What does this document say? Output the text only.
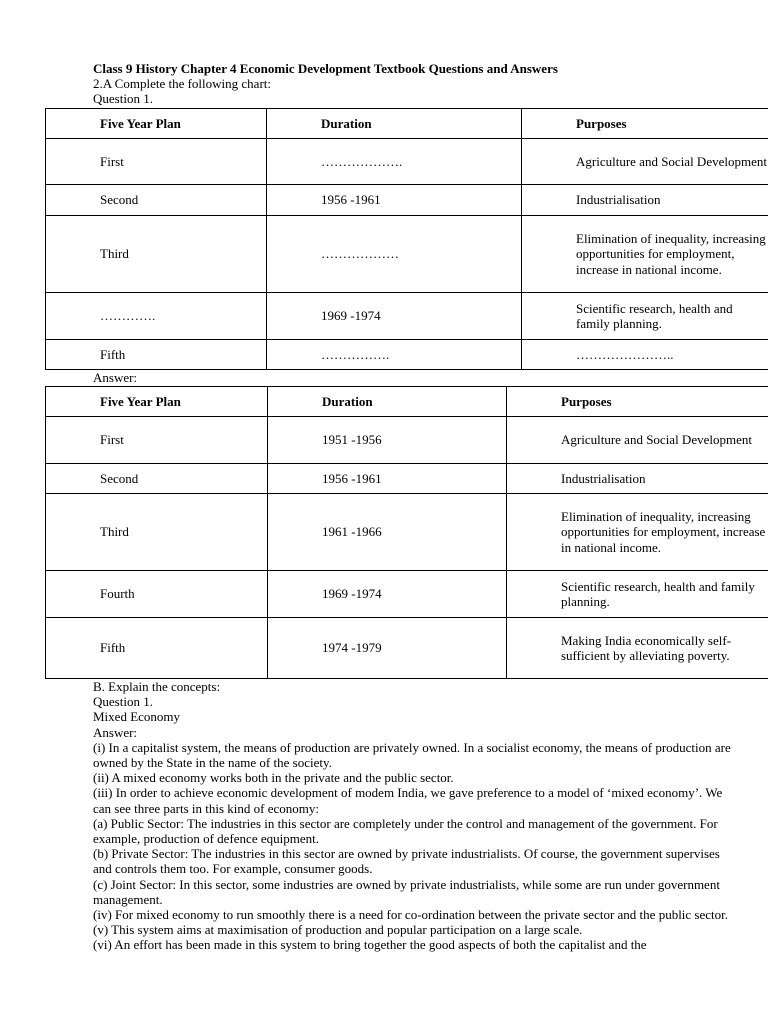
Class 9 History Chapter 4 Economic Development Textbook Questions and Answers
2.A Complete the following chart:
Question 1.
Five Year Plan	Duration	Purposes
First	……………….	Agriculture and Social Development
Second	1956 -1961	Industrialisation
Third	………………	Elimination of inequality, increasing opportunities for employment, increase in national income.
………….	1969 -1974	Scientific research, health and family planning.
Fifth	…………….	…………………..
Answer:
Five Year Plan	Duration	Purposes
First	1951 -1956	Agriculture and Social Development
Second	1956 -1961	Industrialisation
Third	1961 -1966	Elimination of inequality, increasing opportunities for employment, increase in national income.
Fourth	1969 -1974	Scientific research, health and family planning.
Fifth	1974 -1979	Making India economically self-sufficient by alleviating poverty.

B. Explain the concepts:

Question 1.

Mixed Economy

Answer:

(i) In a capitalist system, the means of production are privately owned. In a socialist economy, the means of production are owned by the State in the name of the society.

(ii) A mixed economy works both in the private and the public sector.

(iii) In order to achieve economic development of modem India, we gave preference to a model of ‘mixed economy’. We can see three parts in this kind of economy:

(a) Public Sector: The industries in this sector are completely under the control and management of the government. For example, production of defence equipment.

(b) Private Sector: The industries in this sector are owned by private industrialists. Of course, the government supervises and controls them too. For example, consumer goods.

(c) Joint Sector: In this sector, some industries are owned by private industrialists, while some are run under government management.

(iv) For mixed economy to run smoothly there is a need for co-ordination between the private sector and the public sector.

(v) This system aims at maximisation of production and popular participation on a large scale.

(vi) An effort has been made in this system to bring together the good aspects of both the capitalist and the
